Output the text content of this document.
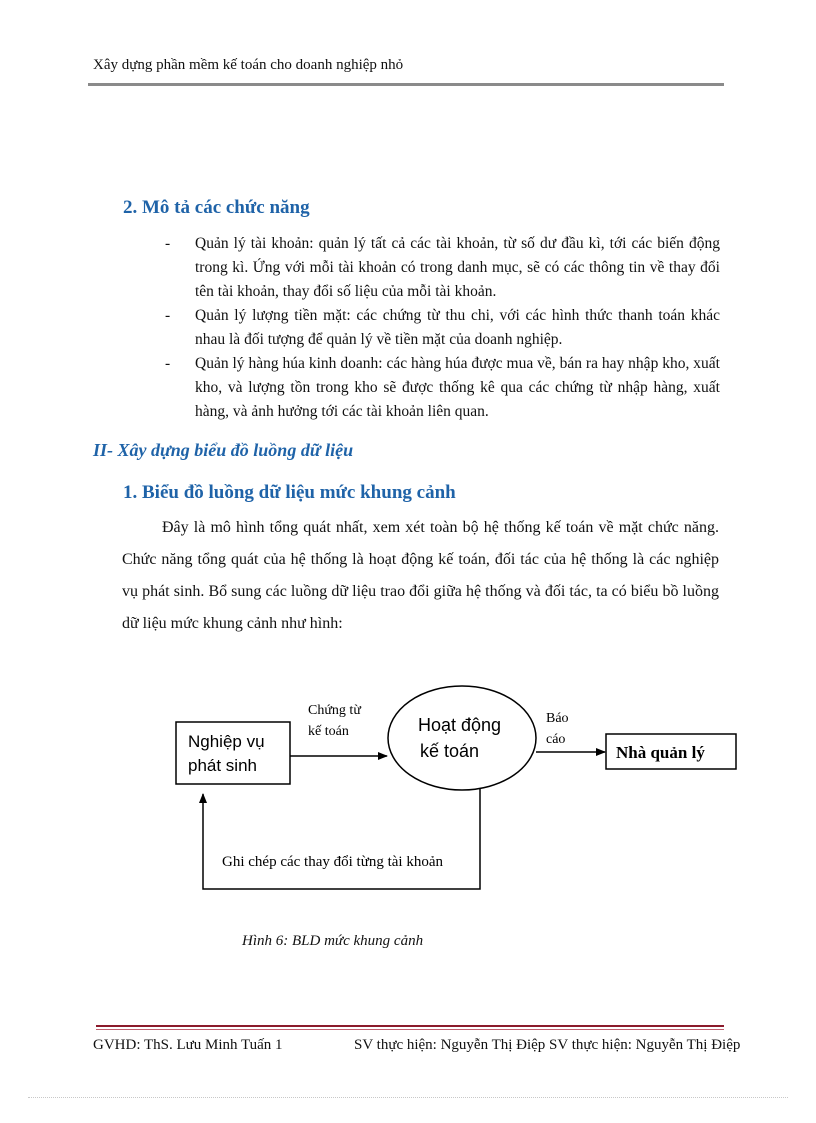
Xây dựng phần mềm kế toán cho doanh nghiệp nhỏ
2. Mô tả các chức năng
- Quản lý tài khoản: quản lý tất cả các tài khoản, từ số dư đầu kì, tới các biến động trong kì. Ứng với mỗi tài khoản có trong danh mục, sẽ có các thông tin về thay đổi tên tài khoản, thay đổi số liệu của mỗi tài khoản.
- Quản lý lượng tiền mặt: các chứng từ thu chi, với các hình thức thanh toán khác nhau là đối tượng để quản lý về tiền mặt của doanh nghiệp.
- Quản lý hàng húa kinh doanh: các hàng húa được mua về, bán ra hay nhập kho, xuất kho, và lượng tồn trong kho sẽ được thống kê qua các chứng từ nhập hàng, xuất hàng, và ảnh hưởng tới các tài khoản liên quan.
II- Xây dựng biểu đồ luồng dữ liệu
1. Biểu đồ luồng dữ liệu mức khung cảnh
Đây là mô hình tổng quát nhất, xem xét toàn bộ hệ thống kế toán về mặt chức năng. Chức năng tổng quát của hệ thống là hoạt động kế toán, đối tác của hệ thống là các nghiệp vụ phát sinh. Bổ sung các luồng dữ liệu trao đổi giữa hệ thống và đối tác, ta có biểu bồ luồng dữ liệu mức khung cảnh như hình:
Nghiệp vụ
phát sinh
Hoạt động
kế toán	Nhà quản lý
Chứng từ
kế toán
Báo
cáo
Ghi chép các thay đổi từng tài khoản
Hình 6: BLD mức khung cảnh
GVHD: ThS. Lưu Minh Tuấn 1	SV thực hiện: Nguyễn Thị Điệp SV thực hiện: Nguyễn Thị Điệp
